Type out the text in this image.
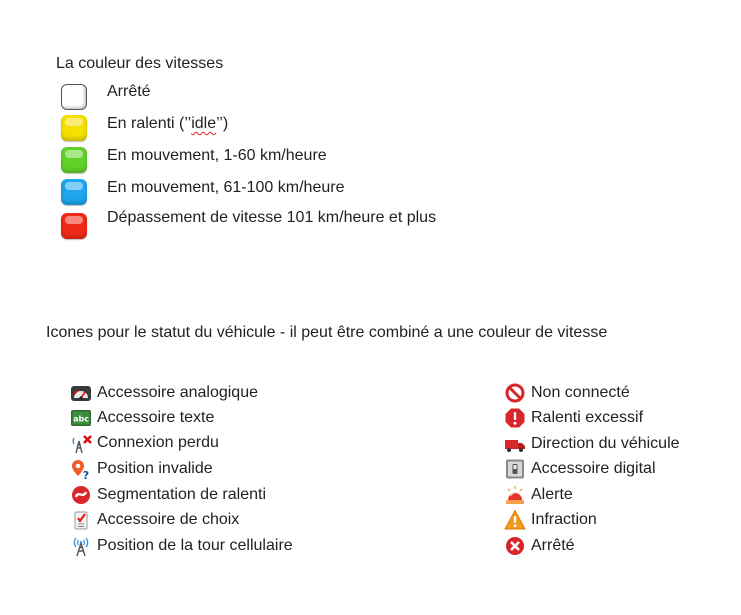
La couleur des vitesses
Arrêté
En ralenti (’’idle’’)
En mouvement, 1-60 km/heure
En mouvement, 61-100 km/heure
Dépassement de vitesse 101 km/heure et plus
Icones pour le statut du véhicule - il peut être combiné a une couleur de vitesse
Accessoire analogique
abc Accessoire texte
Connexion perdu
? Position invalide
Segmentation de ralenti
Accessoire de choix
Position de la tour cellulaire
Non connecté
Ralenti excessif
Direction du véhicule
Accessoire digital
Alerte
Infraction
Arrêté
